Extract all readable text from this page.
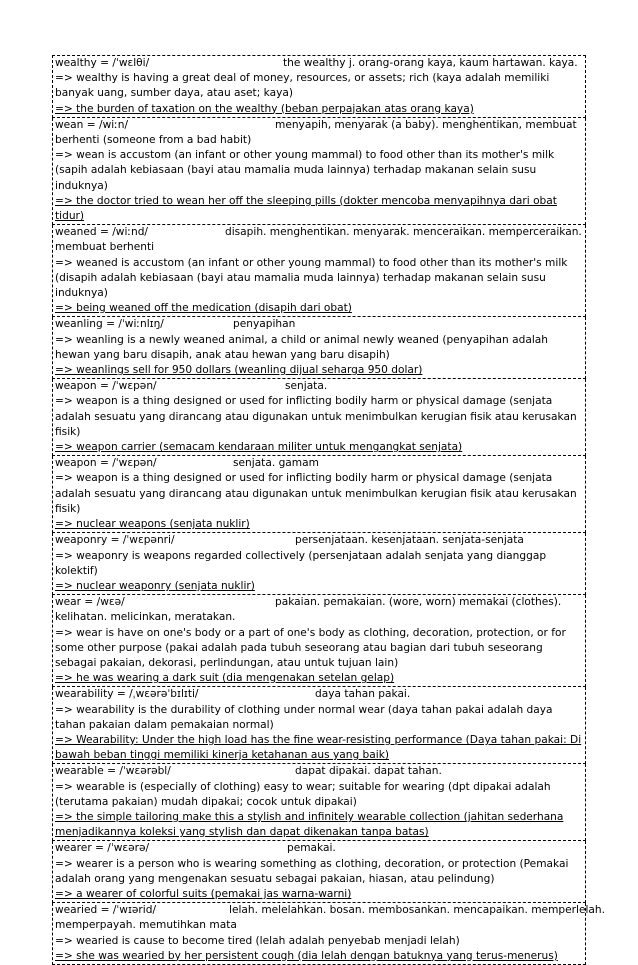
wealthy = /ˈwɛlθi/	the wealthy j. orang-orang kaya, kaum hartawan. kaya.
=> wealthy is having a great deal of money, resources, or assets; rich (kaya adalah memiliki banyak uang, sumber daya, atau aset; kaya)
=> the burden of taxation on the wealthy (beban perpajakan atas orang kaya)
wean = /wiːn/	menyapih, menyarak (a baby). menghentikan, membuat
berhenti (someone from a bad habit)
=> wean is accustom (an infant or other young mammal) to food other than its mother's milk (sapih adalah kebiasaan (bayi atau mamalia muda lainnya) terhadap makanan selain susu induknya)
=> the doctor tried to wean her off the sleeping pills (dokter mencoba menyapihnya dari obat tidur)
weaned = /wiːnd/	disapih. menghentikan. menyarak. menceraikan. memperceraikan.
membuat berhenti
=> weaned is accustom (an infant or other young mammal) to food other than its mother's milk (disapih adalah kebiasaan (bayi atau mamalia muda lainnya) terhadap makanan selain susu induknya)
=> being weaned off the medication (disapih dari obat)
weanling = /ˈwiːnlɪŋ/	penyapihan
=> weanling is a newly weaned animal, a child or animal newly weaned (penyapihan adalah hewan yang baru disapih, anak atau hewan yang baru disapih)
=> weanlings sell for 950 dollars (weanling dijual seharga 950 dolar)
weapon = /ˈwɛpən/	senjata.
=> weapon is a thing designed or used for inflicting bodily harm or physical damage (senjata adalah sesuatu yang dirancang atau digunakan untuk menimbulkan kerugian fisik atau kerusakan fisik)
=> weapon carrier (semacam kendaraan militer untuk mengangkat senjata)
weapon = /ˈwɛpən/	senjata. gamam
=> weapon is a thing designed or used for inflicting bodily harm or physical damage (senjata adalah sesuatu yang dirancang atau digunakan untuk menimbulkan kerugian fisik atau kerusakan fisik)
=> nuclear weapons (senjata nuklir)
weaponry = /ˈwɛpənri/	persenjataan. kesenjataan. senjata-senjata
=> weaponry is weapons regarded collectively (persenjataan adalah senjata yang dianggap kolektif)
=> nuclear weaponry (senjata nuklir)
wear = /wɛə/	pakaian. pemakaian. (wore, worn) memakai (clothes).
kelihatan. melicinkan, meratakan.
=> wear is have on one's body or a part of one's body as clothing, decoration, protection, or for some other purpose (pakai adalah pada tubuh seseorang atau bagian dari tubuh seseorang sebagai pakaian, dekorasi, perlindungan, atau untuk tujuan lain)
=> he was wearing a dark suit (dia mengenakan setelan gelap)
wearability = /ˌwɛərəˈbɪlɪti/	daya tahan pakai.
=> wearability is the durability of clothing under normal wear (daya tahan pakai adalah daya tahan pakaian dalam pemakaian normal)
=> Wearability: Under the high load has the fine wear-resisting performance (Daya tahan pakai: Di bawah beban tinggi memiliki kinerja ketahanan aus yang baik)
wearable = /ˈwɛərəbl/	dapat dipakai. dapat tahan.
=> wearable is (especially of clothing) easy to wear; suitable for wearing (dpt dipakai adalah (terutama pakaian) mudah dipakai; cocok untuk dipakai)
=> the simple tailoring make this a stylish and infinitely wearable collection (jahitan sederhana menjadikannya koleksi yang stylish dan dapat dikenakan tanpa batas)
wearer = /ˈwɛərə/	pemakai.
=> wearer is a person who is wearing something as clothing, decoration, or protection (Pemakai adalah orang yang mengenakan sesuatu sebagai pakaian, hiasan, atau pelindung)
=> a wearer of colorful suits (pemakai jas warna-warni)
wearied = /ˈwɪərid/	lelah. melelahkan. bosan. membosankan. mencapaikan. memperlelah.
memperpayah. memutihkan mata
=> wearied is cause to become tired (lelah adalah penyebab menjadi lelah)
=> she was wearied by her persistent cough (dia lelah dengan batuknya yang terus-menerus)
